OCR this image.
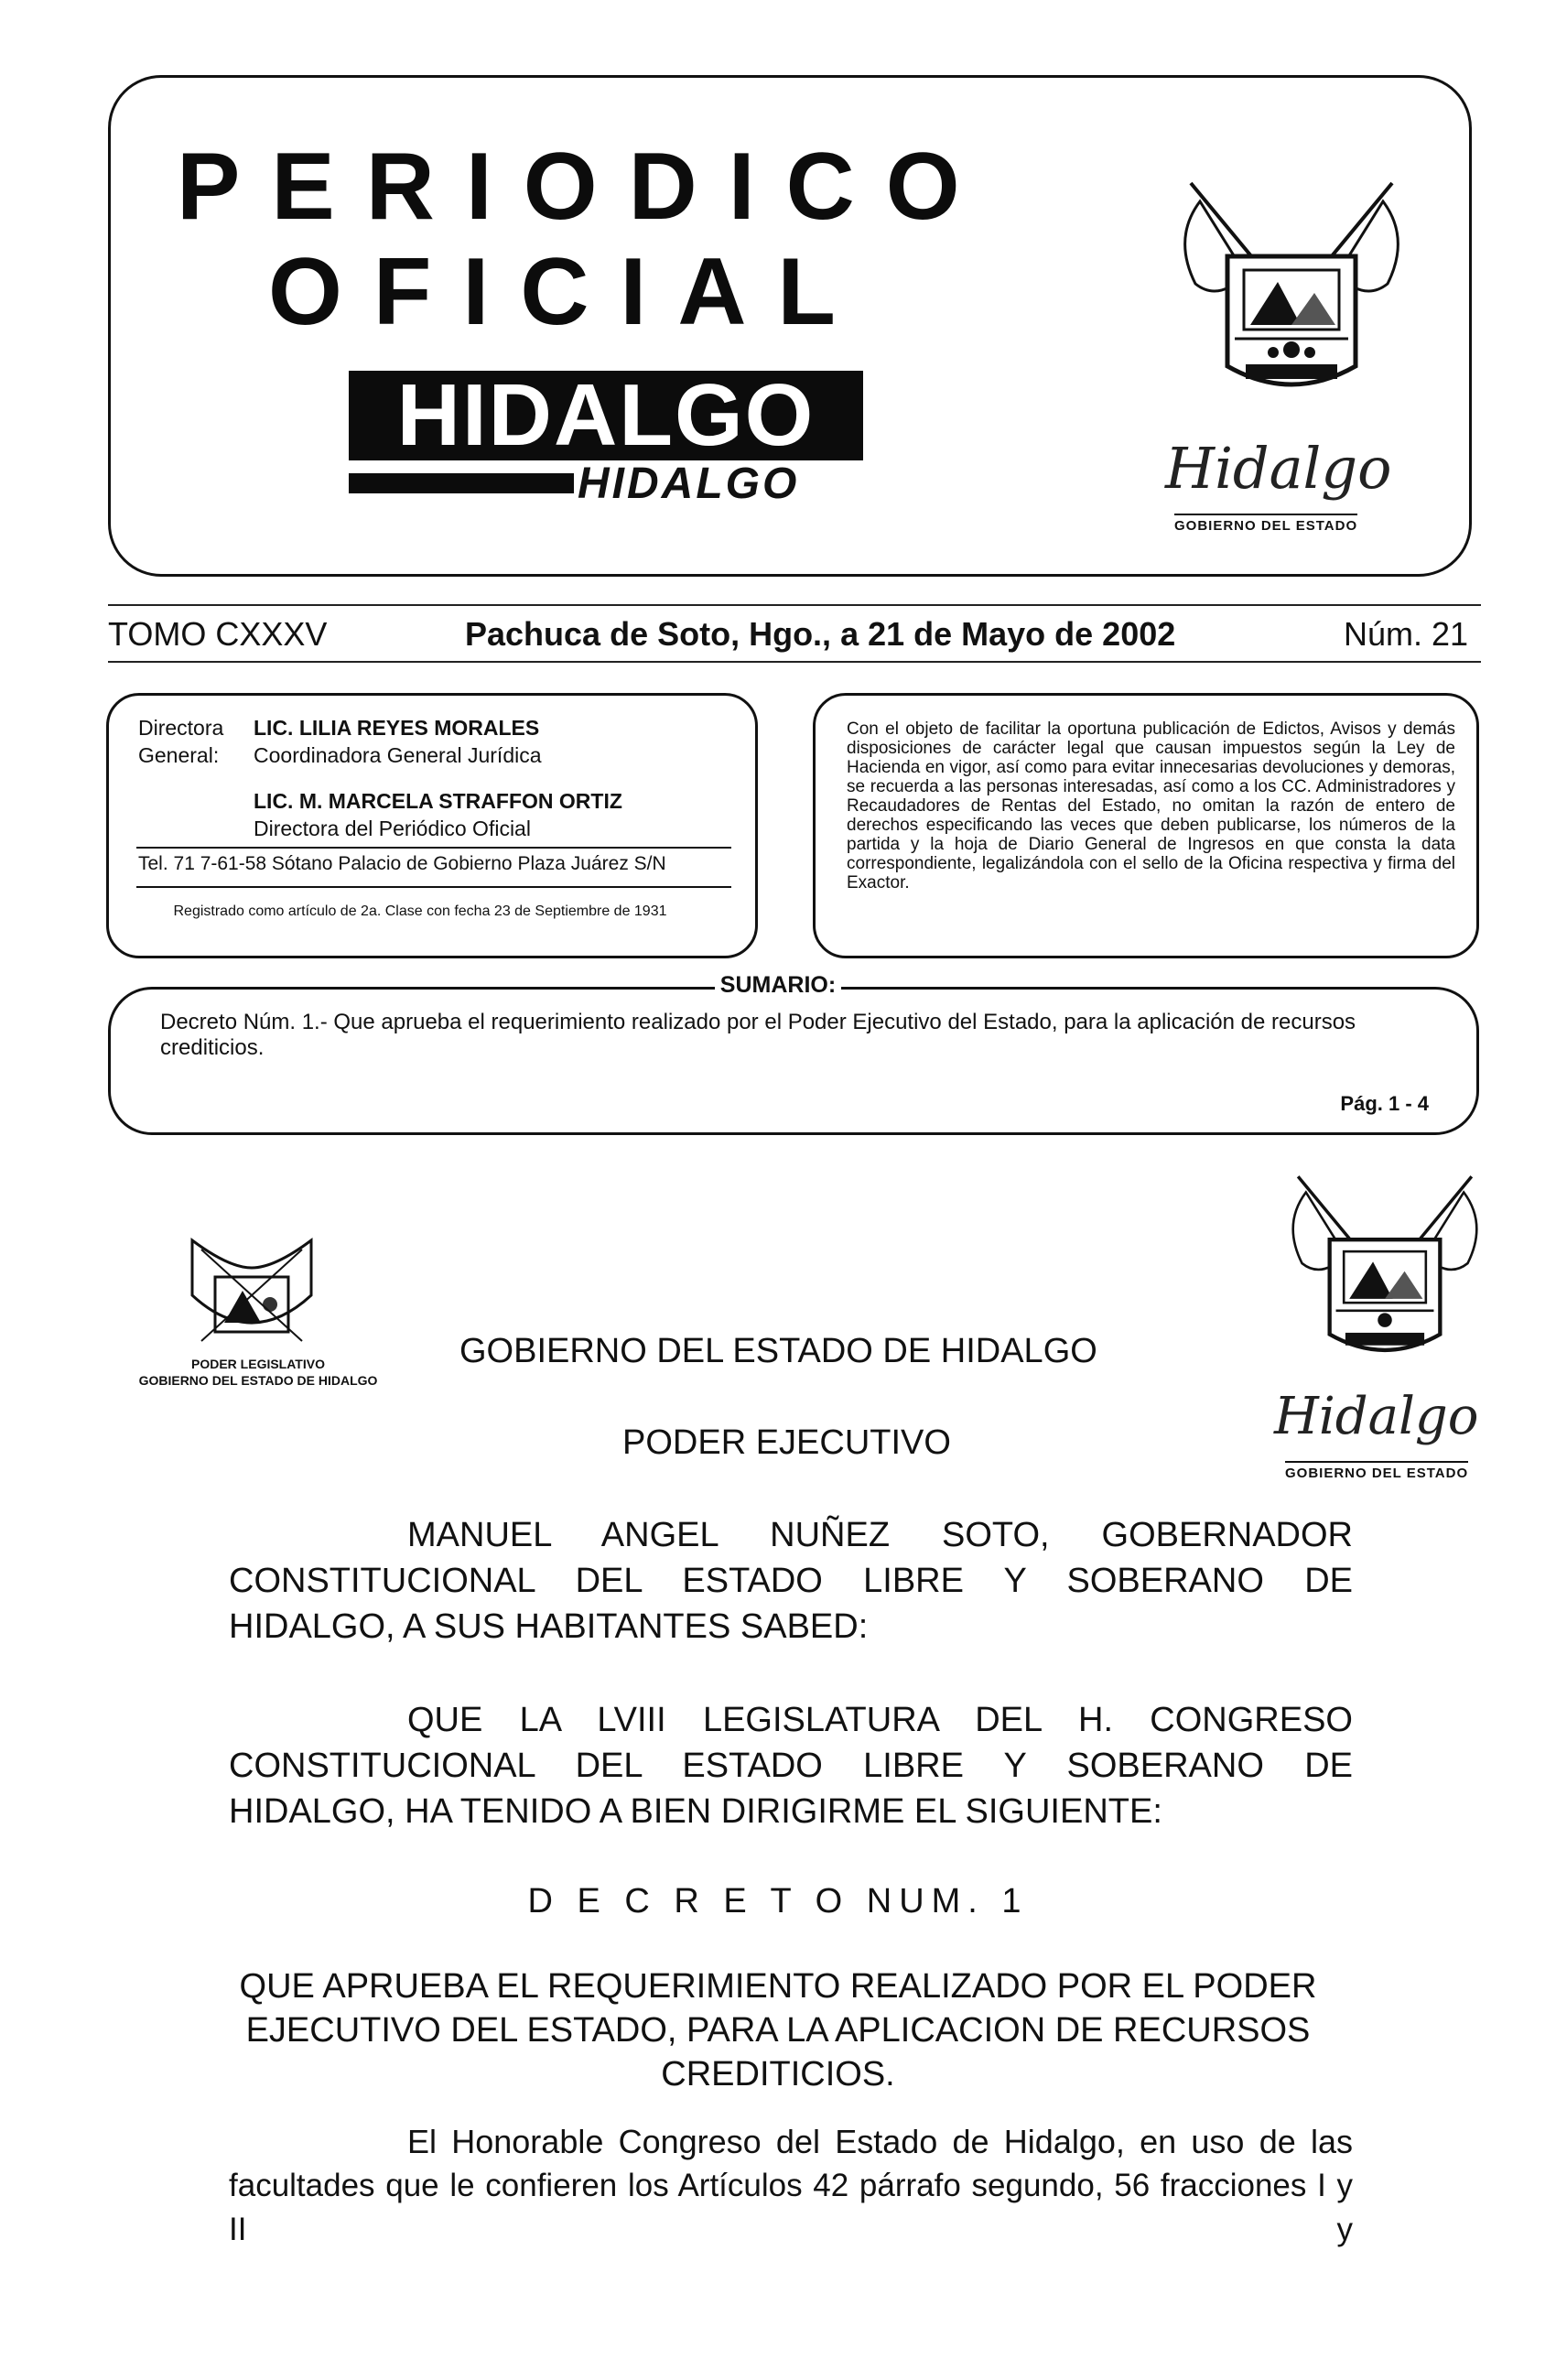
PERIODICO
OFICIAL
HIDALGO
HIDALGO	Hidalgo
GOBIERNO DEL ESTADO
TOMO CXXXV	Pachuca de Soto, Hgo., a 21 de Mayo de 2002	Núm. 21
Directora
General:
LIC. LILIA REYES MORALES
Coordinadora General Jurídica
LIC. M. MARCELA STRAFFON ORTIZ
Directora del Periódico Oficial
Tel. 71 7-61-58 Sótano Palacio de Gobierno Plaza Juárez S/N
Registrado como artículo de 2a. Clase con fecha 23 de Septiembre de 1931
Con el objeto de facilitar la oportuna publicación de Edictos, Avisos y demás disposiciones de carácter legal que causan impuestos según la Ley de Hacienda en vigor, así como para evitar innecesarias devoluciones y demoras, se recuerda a las personas interesadas, así como a los CC. Administradores y Recaudadores de Rentas del Estado, no omitan la razón de entero de derechos especificando las veces que deben publicarse, los números de la partida y la hoja de Diario General de Ingresos en que consta la data correspondiente, legalizándola con el sello de la Oficina respectiva y firma del Exactor.
Decreto Núm. 1.- Que aprueba el requerimiento realizado por el Poder Ejecutivo del Estado, para la aplicación de recursos crediticios.
Pág. 1 - 4
SUMARIO:
PODER LEGISLATIVO
GOBIERNO DEL ESTADO DE HIDALGO
Hidalgo
GOBIERNO DEL ESTADO
GOBIERNO DEL ESTADO DE HIDALGO
PODER EJECUTIVO
MANUEL ANGEL NUÑEZ SOTO, GOBERNADOR
CONSTITUCIONAL DEL ESTADO LIBRE Y SOBERANO DE
HIDALGO, A SUS HABITANTES SABED:
QUE LA LVIII LEGISLATURA DEL H. CONGRESO
CONSTITUCIONAL DEL ESTADO LIBRE Y SOBERANO DE
HIDALGO, HA TENIDO A BIEN DIRIGIRME EL SIGUIENTE:
D E C R E T O NUM. 1
QUE APRUEBA EL REQUERIMIENTO REALIZADO POR EL PODER EJECUTIVO DEL ESTADO, PARA LA APLICACION DE RECURSOS CREDITICIOS.
El Honorable Congreso del Estado de Hidalgo, en uso de las
facultades que le confieren los Artículos 42 párrafo segundo, 56 fracciones I y II y
